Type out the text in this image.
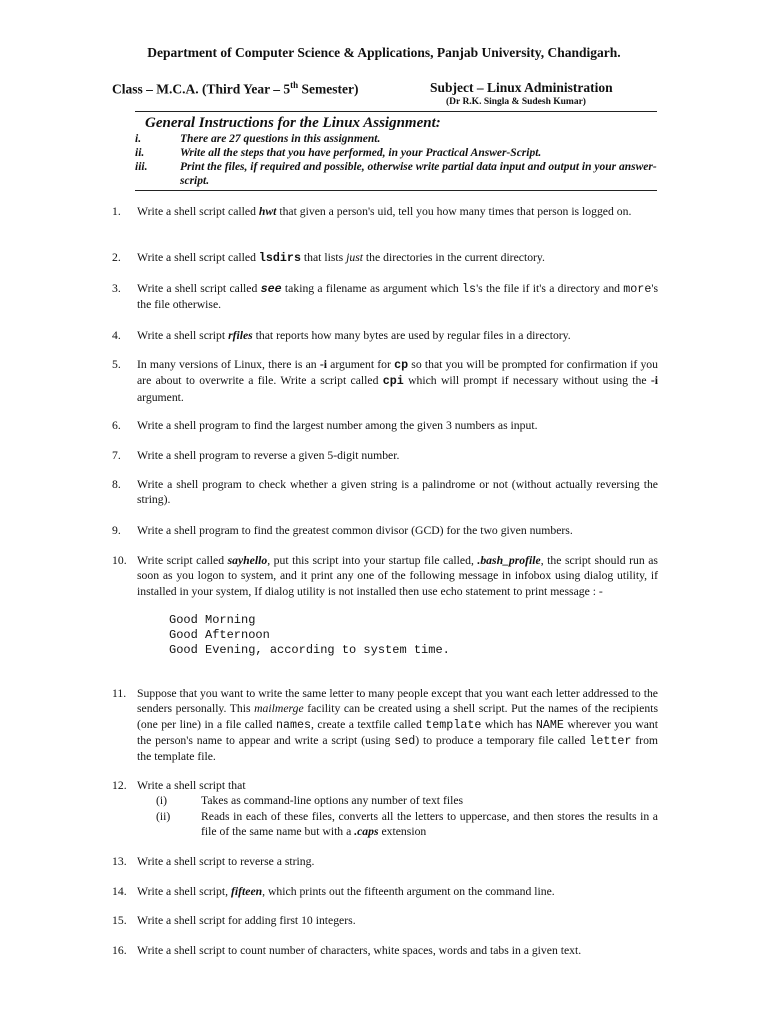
Department of Computer Science & Applications, Panjab University, Chandigarh.
Class – M.C.A. (Third Year – 5th Semester)	Subject – Linux Administration
(Dr R.K. Singla & Sudesh Kumar)
General Instructions for the Linux Assignment:
i.	There are 27 questions in this assignment.
ii.	Write all the steps that you have performed, in your Practical Answer-Script.
iii.	Print the files, if required and possible, otherwise write partial data input and output in your answer-script.
1.	Write a shell script called hwt that given a person's uid, tell you how many times that person is logged on.
2.	Write a shell script called lsdirs that lists just the directories in the current directory.
3.	Write a shell script called see taking a filename as argument which ls's the file if it's a directory and more's the file otherwise.
4.	Write a shell script rfiles that reports how many bytes are used by regular files in a directory.
5.	In many versions of Linux, there is an -i argument for cp so that you will be prompted for confirmation if you are about to overwrite a file. Write a script called cpi which will prompt if necessary without using the -i argument.
6.	Write a shell program to find the largest number among the given 3 numbers as input.
7.	Write a shell program to reverse a given 5-digit number.
8.	Write a shell program to check whether a given string is a palindrome or not (without actually reversing the string).
9.	Write a shell program to find the greatest common divisor (GCD) for the two given numbers.
10. Write script called sayhello, put this script into your startup file called, .bash_profile, the script should run as soon as you logon to system, and it print any one of the following message in infobox using dialog utility, if installed in your system, If dialog utility is not installed then use echo statement to print message : -
Good Morning
Good Afternoon
Good Evening, according to system time.
11. Suppose that you want to write the same letter to many people except that you want each letter addressed to the senders personally. This mailmerge facility can be created using a shell script. Put the names of the recipients (one per line) in a file called names, create a textfile called template which has NAME wherever you want the person's name to appear and write a script (using sed) to produce a temporary file called letter from the template file.
12. Write a shell script that
(i)	Takes as command-line options any number of text files
(ii)	Reads in each of these files, converts all the letters to uppercase, and then stores the results in a file of the same name but with a .caps extension
13. Write a shell script to reverse a string.
14. Write a shell script, fifteen, which prints out the fifteenth argument on the command line.
15. Write a shell script for adding first 10 integers.
16. Write a shell script to count number of characters, white spaces, words and tabs in a given text.
